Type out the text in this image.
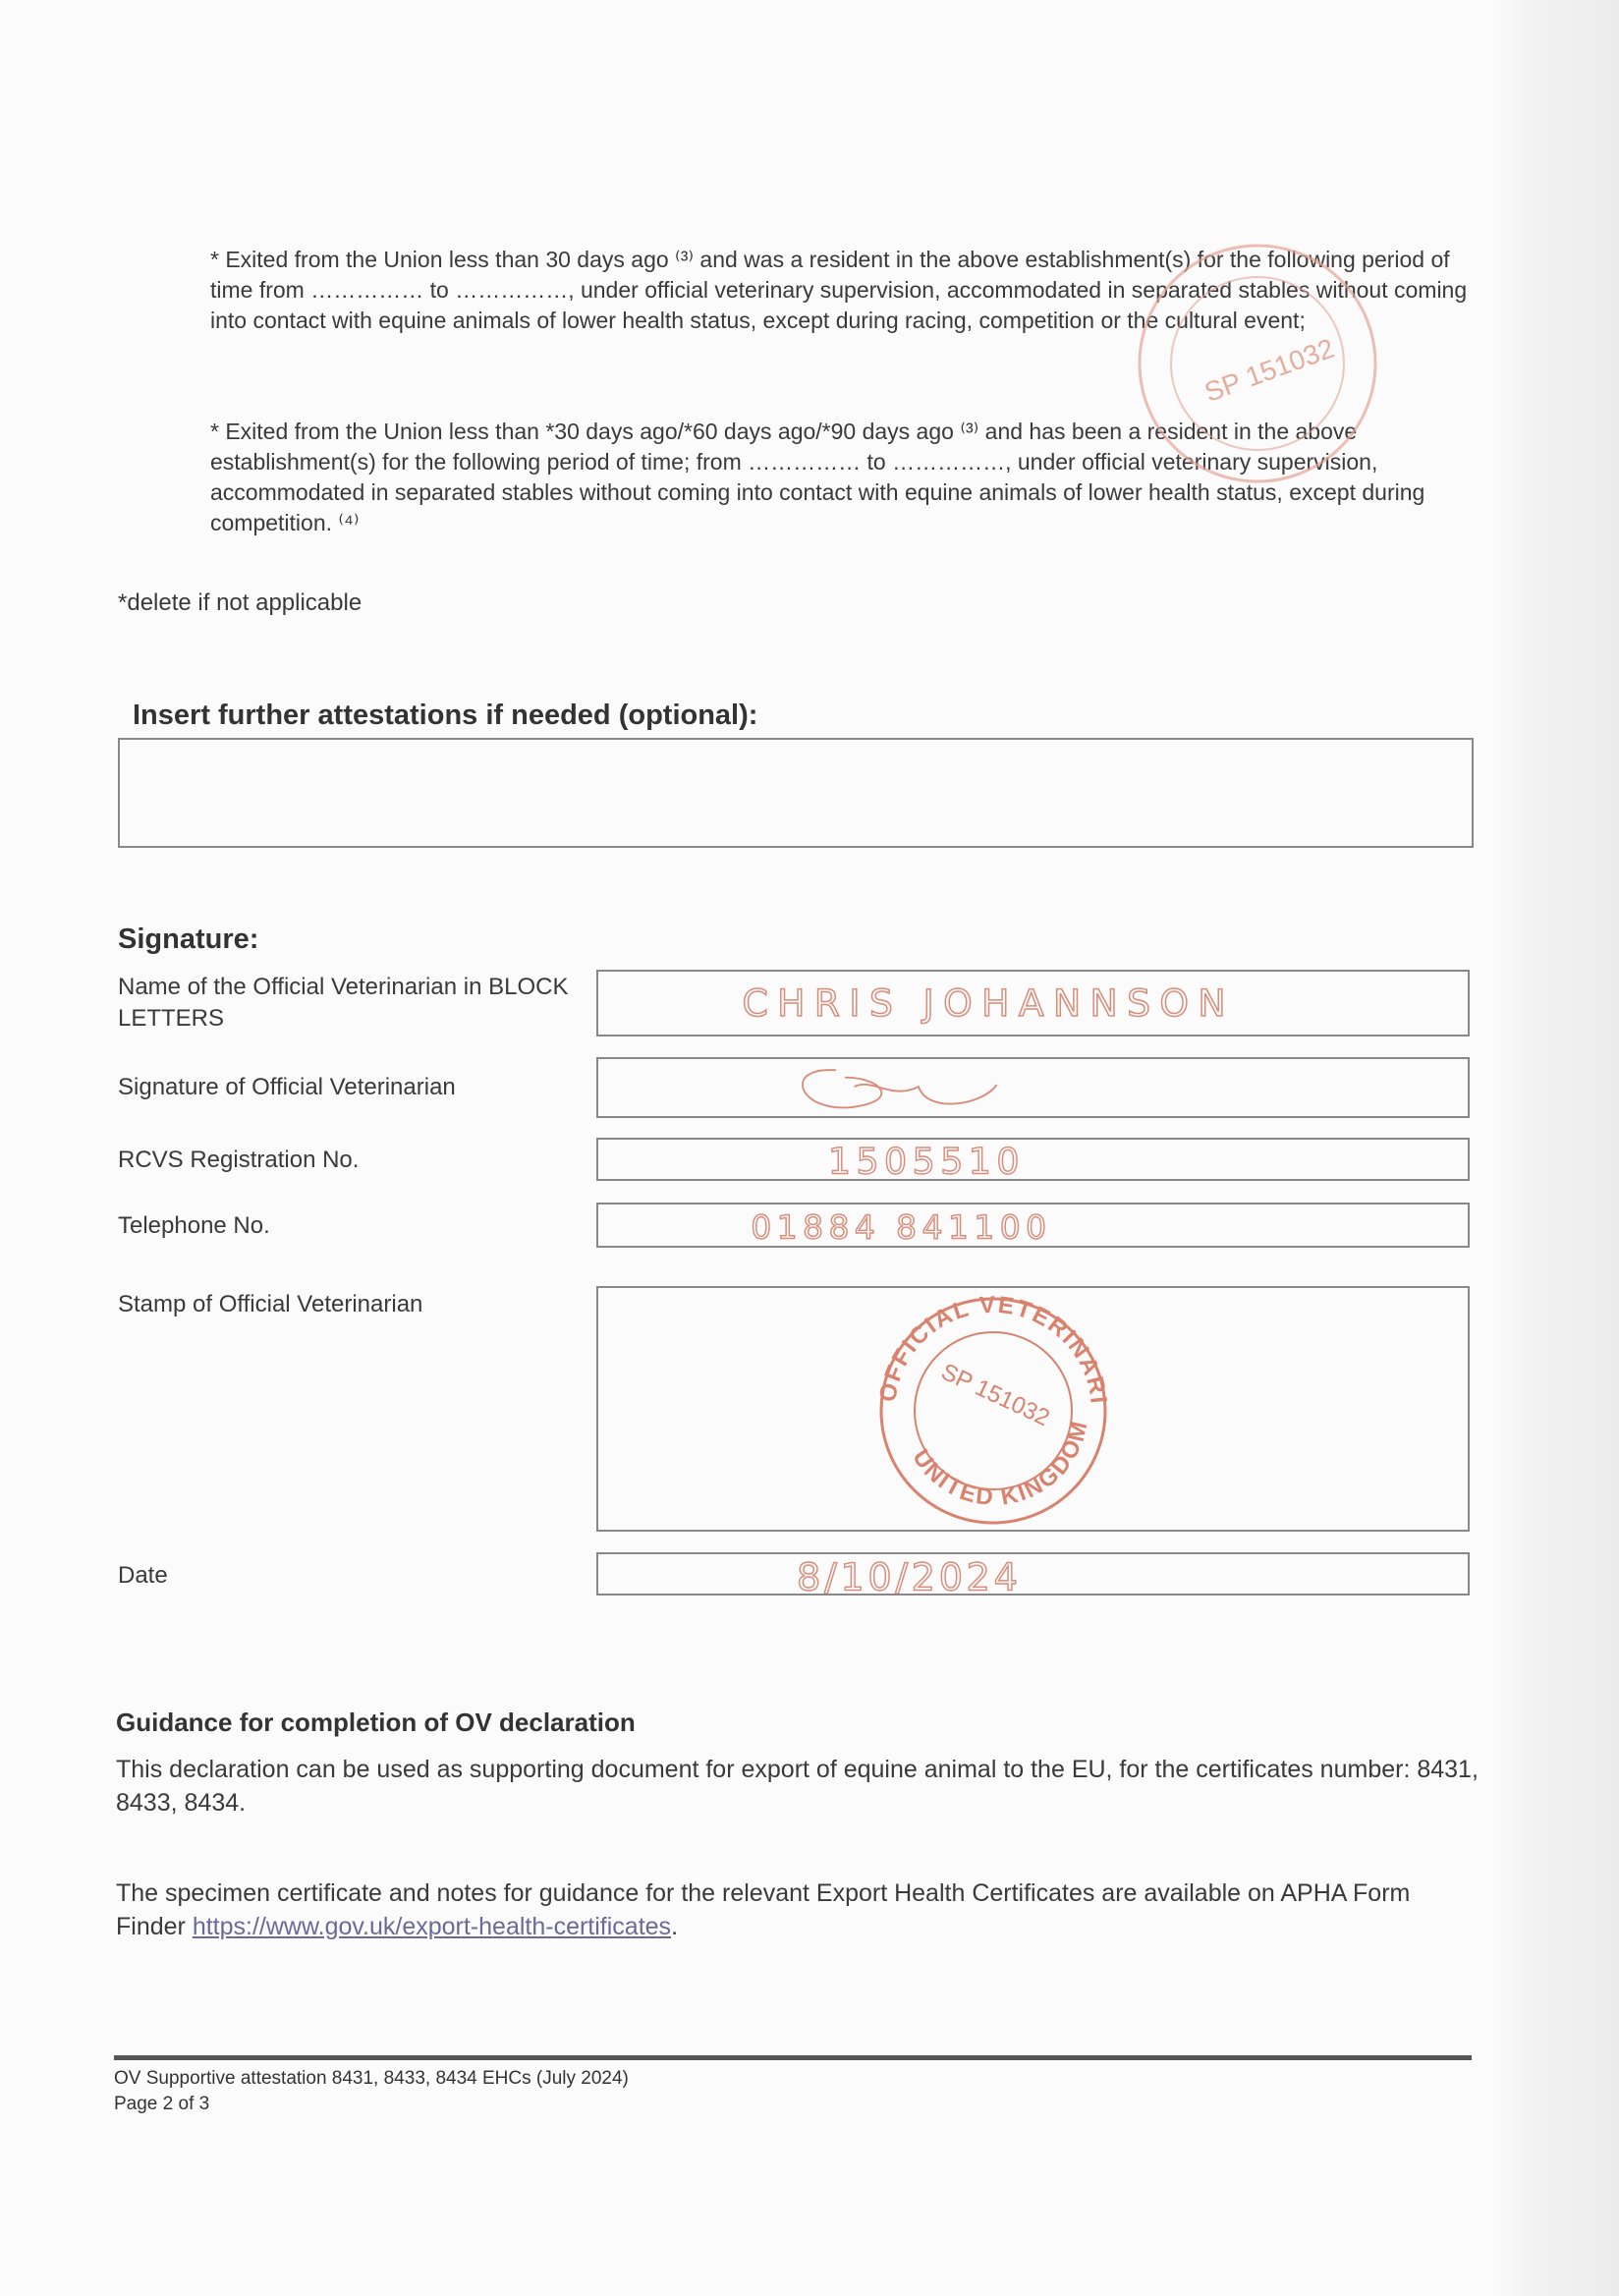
* Exited from the Union less than 30 days ago ⁽³⁾ and was a resident in the above establishment(s) for the following period of time from …………… to ……………, under official veterinary supervision, accommodated in separated stables without coming into contact with equine animals of lower health status, except during racing, competition or the cultural event;
* Exited from the Union less than *30 days ago/*60 days ago/*90 days ago ⁽³⁾ and has been a resident in the above establishment(s) for the following period of time; from …………… to ……………, under official veterinary supervision, accommodated in separated stables without coming into contact with equine animals of lower health status, except during competition. ⁽⁴⁾
SP 151032
*delete if not applicable
Insert further attestations if needed (optional):
Signature:
Name of the Official Veterinarian in BLOCK LETTERS	CHRIS JOHANNSON
Signature of Official Veterinarian
RCVS Registration No.	1505510
Telephone No.	01884 841100
Stamp of Official Veterinarian
OFFICIAL VETERINARI
UNITED KINGDOM
SP 151032
Date	8/10/2024
Guidance for completion of OV declaration
This declaration can be used as supporting document for export of equine animal to the EU, for the certificates number: 8431, 8433, 8434.
The specimen certificate and notes for guidance for the relevant Export Health Certificates are available on APHA Form Finder https://www.gov.uk/export-health-certificates.
OV Supportive attestation 8431, 8433, 8434 EHCs (July 2024)
Page 2 of 3
